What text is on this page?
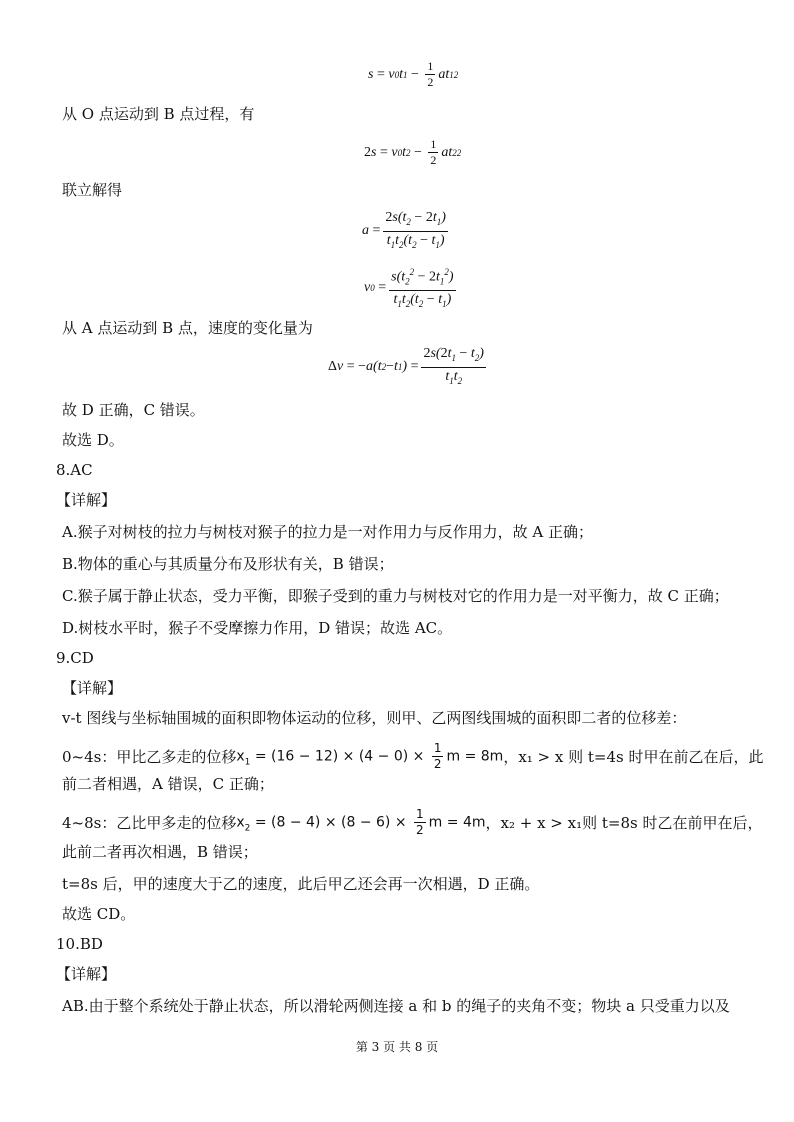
s = v 0 t $1 - \frac{1}{2}$ at 1 2
从 O 点运动到 B 点过程，有
2 s = v 0 t $2 - \frac{1}{2}$ at 2 2
联立解得
$a = \frac{2s(t_2 - 2t_1)}{t_1t_2(t_2 - t_1)}$
v $0 = \frac{s(t_2^2 - 2t_1^2)}{t_1t_2(t_2 - t_1)}$
从 A 点运动到 B 点，速度的变化量为
Δ v = − a(t 2 − t 1 ) = $\frac{2s(2t_1 - t_2)}{t_1t_2}$
故 D 正确，C 错误。
故选 D。
8.AC
【详解】
A.猴子对树枝的拉力与树枝对猴子的拉力是一对作用力与反作用力，故 A 正确；
B.物体的重心与其质量分布及形状有关，B 错误；
C.猴子属于静止状态，受力平衡，即猴子受到的重力与树枝对它的作用力是一对平衡力，故 C 正确；
D.树枝水平时，猴子不受摩擦力作用，D 错误；故选 AC。
9.CD
【详解】
v-t 图线与坐标轴围城的面积即物体运动的位移，则甲、乙两图线围城的面积即二者的位移差：
0~4s：甲比乙多走的位移 $x_1 = (16 - 12) \times (4 - 0) \times \frac{1}{2}$ m = 8m ，x₁ > x 则 t=4s 时甲在前乙在后，此
前二者相遇，A 错误，C 正确；
4~8s：乙比甲多走的位移 $x_2 = (8 - 4) \times (8 - 6) \times \frac{1}{2}$ m = 4m ，x₂ + x > x₁则 t=8s 时乙在前甲在后，
此前二者再次相遇，B 错误；
t=8s 后，甲的速度大于乙的速度，此后甲乙还会再一次相遇，D 正确。
故选 CD。
10.BD
【详解】
AB.由于整个系统处于静止状态，所以滑轮两侧连接 a 和 b 的绳子的夹角不变；物块 a 只受重力以及
第 3 页 共 8 页
